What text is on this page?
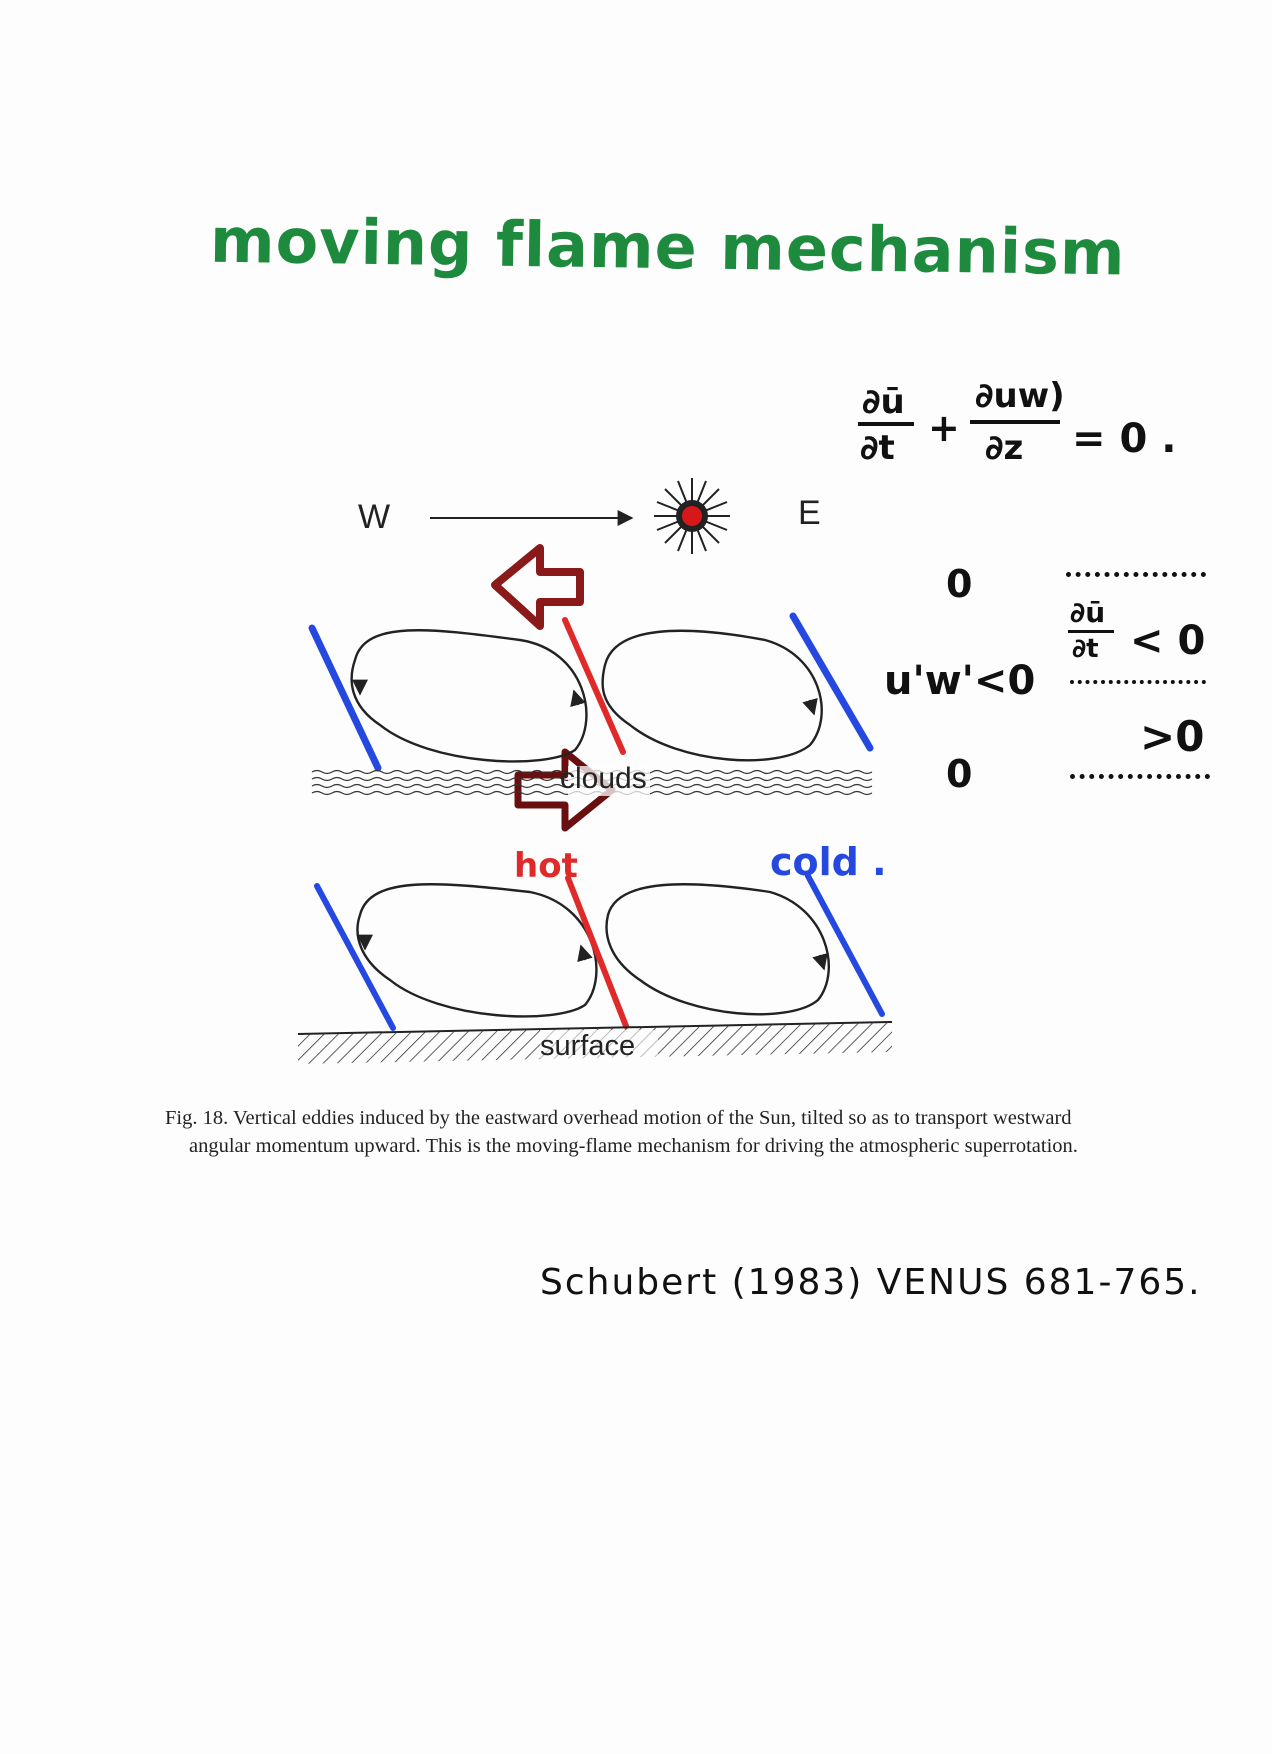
moving flame mechanism
W	E
clouds
surface
hot	cold .
∂ū
∂t +
∂uw)
∂z = 0 .
0
u'w'<0
0
∂ū
∂t < 0
>0
Fig. 18. Vertical eddies induced by the eastward overhead motion of the Sun, tilted so as to transport westward angular momentum upward. This is the moving-flame mechanism for driving the atmospheric superrotation.
Schubert (1983) VENUS 681-765.
